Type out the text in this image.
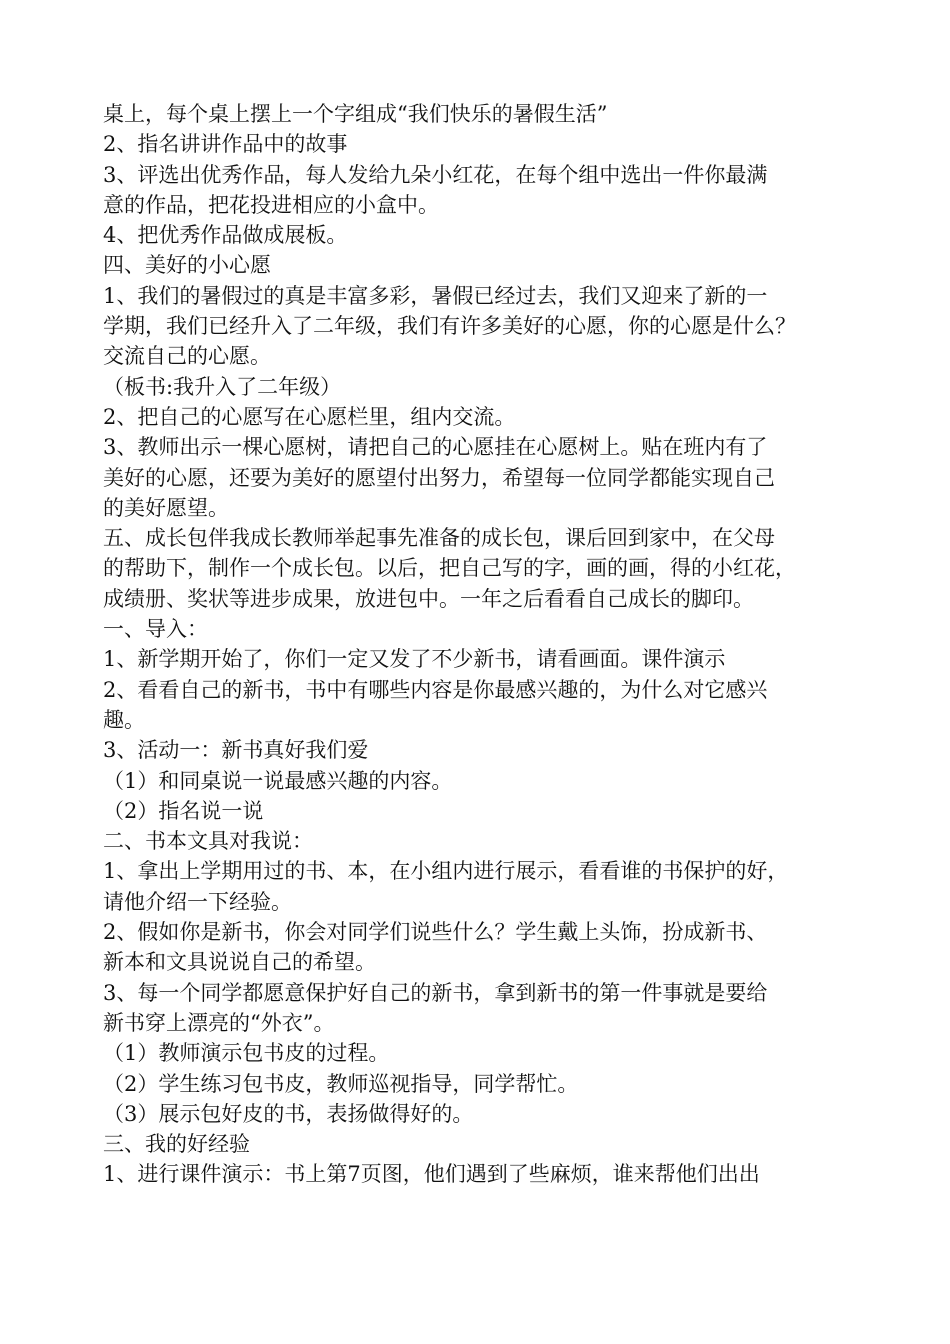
桌上，每个桌上摆上一个字组成“我们快乐的暑假生活”
2、指名讲讲作品中的故事
3、评选出优秀作品，每人发给九朵小红花，在每个组中选出一件你最满
意的作品，把花投进相应的小盒中。
4、把优秀作品做成展板。
四、美好的小心愿
1、我们的暑假过的真是丰富多彩，暑假已经过去，我们又迎来了新的一
学期，我们已经升入了二年级，我们有许多美好的心愿，你的心愿是什么？
交流自己的心愿。
（板书:我升入了二年级）
2、把自己的心愿写在心愿栏里，组内交流。
3、教师出示一棵心愿树，请把自己的心愿挂在心愿树上。贴在班内有了
美好的心愿，还要为美好的愿望付出努力，希望每一位同学都能实现自己
的美好愿望。
五、成长包伴我成长教师举起事先准备的成长包，课后回到家中，在父母
的帮助下，制作一个成长包。以后，把自己写的字，画的画，得的小红花，
成绩册、奖状等进步成果，放进包中。一年之后看看自己成长的脚印。
一、导入：
1、新学期开始了，你们一定又发了不少新书，请看画面。课件演示
2、看看自己的新书，书中有哪些内容是你最感兴趣的，为什么对它感兴
趣。
3、活动一：新书真好我们爱
（1）和同桌说一说最感兴趣的内容。
（2）指名说一说
二、书本文具对我说：
1、拿出上学期用过的书、本，在小组内进行展示，看看谁的书保护的好，
请他介绍一下经验。
2、假如你是新书，你会对同学们说些什么？学生戴上头饰，扮成新书、
新本和文具说说自己的希望。
3、每一个同学都愿意保护好自己的新书，拿到新书的第一件事就是要给
新书穿上漂亮的“外衣”。
（1）教师演示包书皮的过程。
（2）学生练习包书皮，教师巡视指导，同学帮忙。
（3）展示包好皮的书，表扬做得好的。
三、我的好经验
1、进行课件演示：书上第7页图，他们遇到了些麻烦，谁来帮他们出出
